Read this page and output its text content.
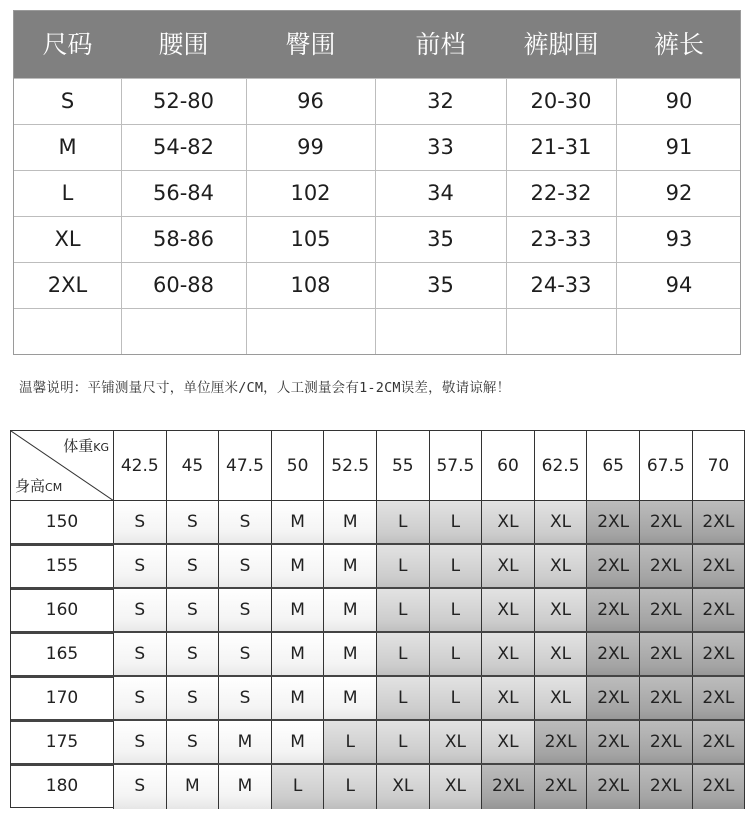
尺码	腰围	臀围	前档	裤脚围	裤长
S	52-80	96	32	20-30	90
M	54-82	99	33	21-31	91
L	56-84	102	34	22-32	92
XL	58-86	105	35	23-33	93
2XL	60-88	108	35	24-33	94
温馨说明：平铺测量尺寸，单位厘米/CM，人工测量会有1-2CM误差，敬请谅解！
体重KG
身高CM
42.5	45	47.5	50	52.5	55	57.5	60	62.5	65	67.5	70
150	S	S	S	M	M	L	L	XL	XL	2XL	2XL	2XL
155	S	S	S	M	M	L	L	XL	XL	2XL	2XL	2XL
160	S	S	S	M	M	L	L	XL	XL	2XL	2XL	2XL
165	S	S	S	M	M	L	L	XL	XL	2XL	2XL	2XL
170	S	S	S	M	M	L	L	XL	XL	2XL	2XL	2XL
175	S	S	M	M	L	L	XL	XL	2XL	2XL	2XL	2XL
180	S	M	M	L	L	XL	XL	2XL	2XL	2XL	2XL	2XL
